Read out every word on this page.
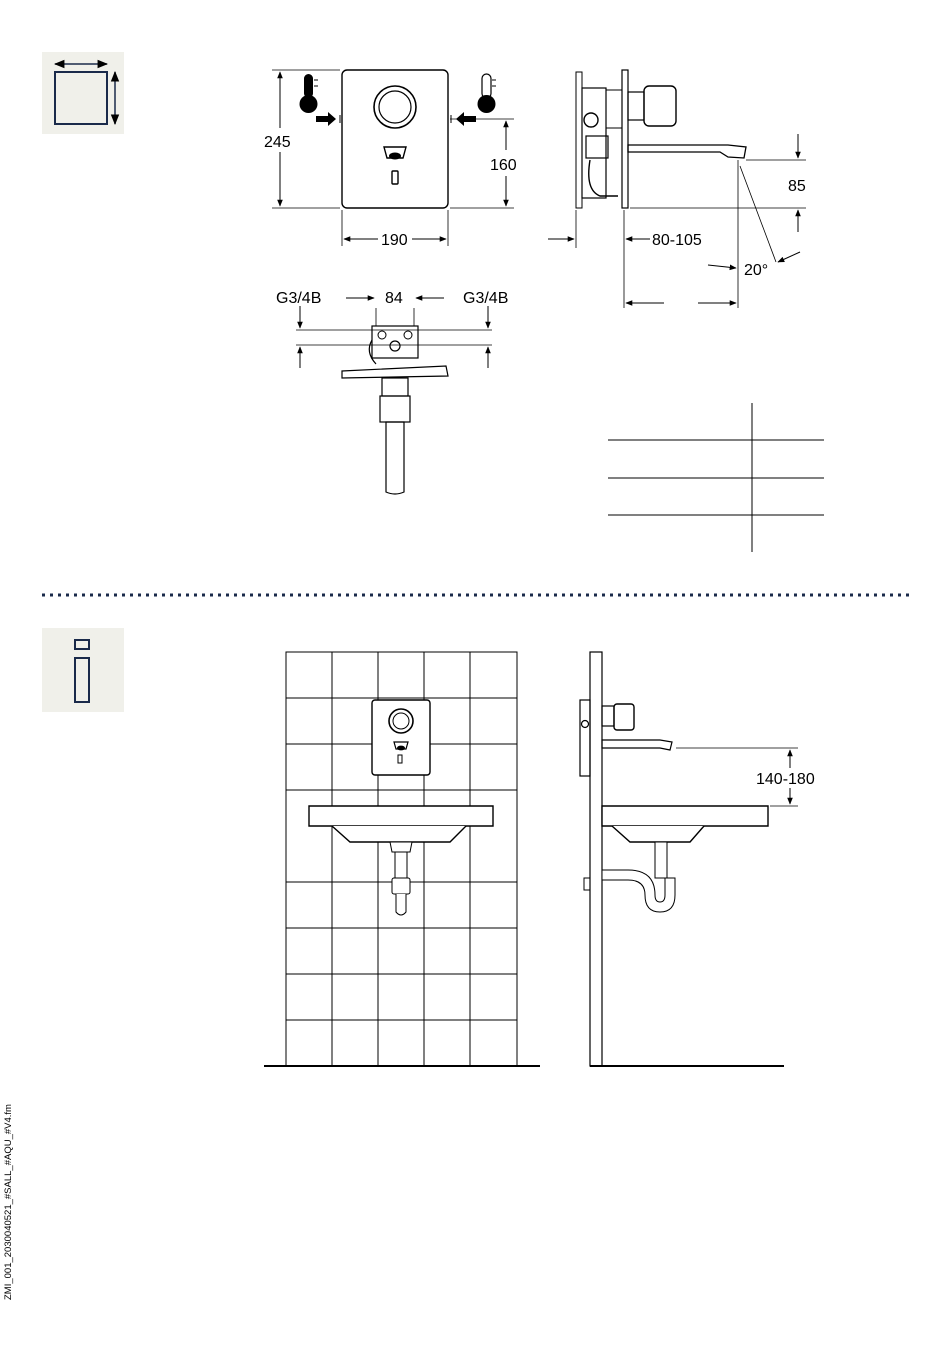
245
160
190
85
80-105
20°
G3/4B	G3/4B
84
140-180
ZMI_001_2030040521_#SALL_#AQU_#V4.fm
